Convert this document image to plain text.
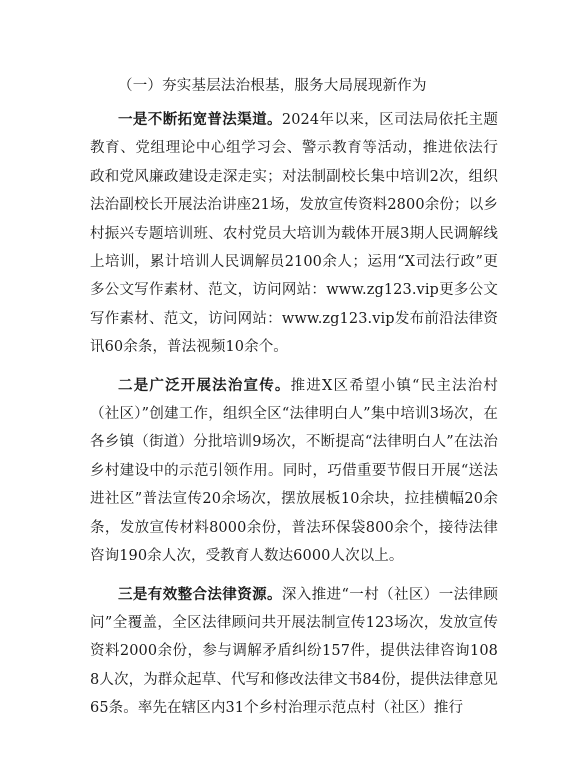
（一）夯实基层法治根基，服务大局展现新作为

一是不断拓宽普法渠道。2024年以来，区司法局依托主题教育、党组理论中心组学习会、警示教育等活动，推进依法行政和党风廉政建设走深走实；对法制副校长集中培训2次，组织法治副校长开展法治讲座21场，发放宣传资料2800余份；以乡村振兴专题培训班、农村党员大培训为载体开展3期人民调解线上培训，累计培训人民调解员2100余人；运用“X司法行政”更多公文写作素材、范文，访问网站：www.zg123.vip更多公文写作素材、范文，访问网站：www.zg123.vip发布前沿法律资讯60余条，普法视频10余个。

二是广泛开展法治宣传。推进X区希望小镇“民主法治村（社区）”创建工作，组织全区“法律明白人”集中培训3场次，在各乡镇（街道）分批培训9场次，不断提高“法律明白人”在法治乡村建设中的示范引领作用。同时，巧借重要节假日开展“送法进社区”普法宣传20余场次，摆放展板10余块，拉挂横幅20余条，发放宣传材料8000余份，普法环保袋800余个，接待法律咨询190余人次，受教育人数达6000人次以上。

三是有效整合法律资源。深入推进“一村（社区）一法律顾问”全覆盖，全区法律顾问共开展法制宣传123场次，发放宣传资料2000余份，参与调解矛盾纠纷157件，提供法律咨询1088人次，为群众起草、代写和修改法律文书84份，提供法律意见65条。率先在辖区内31个乡村治理示范点村（社区）推行
